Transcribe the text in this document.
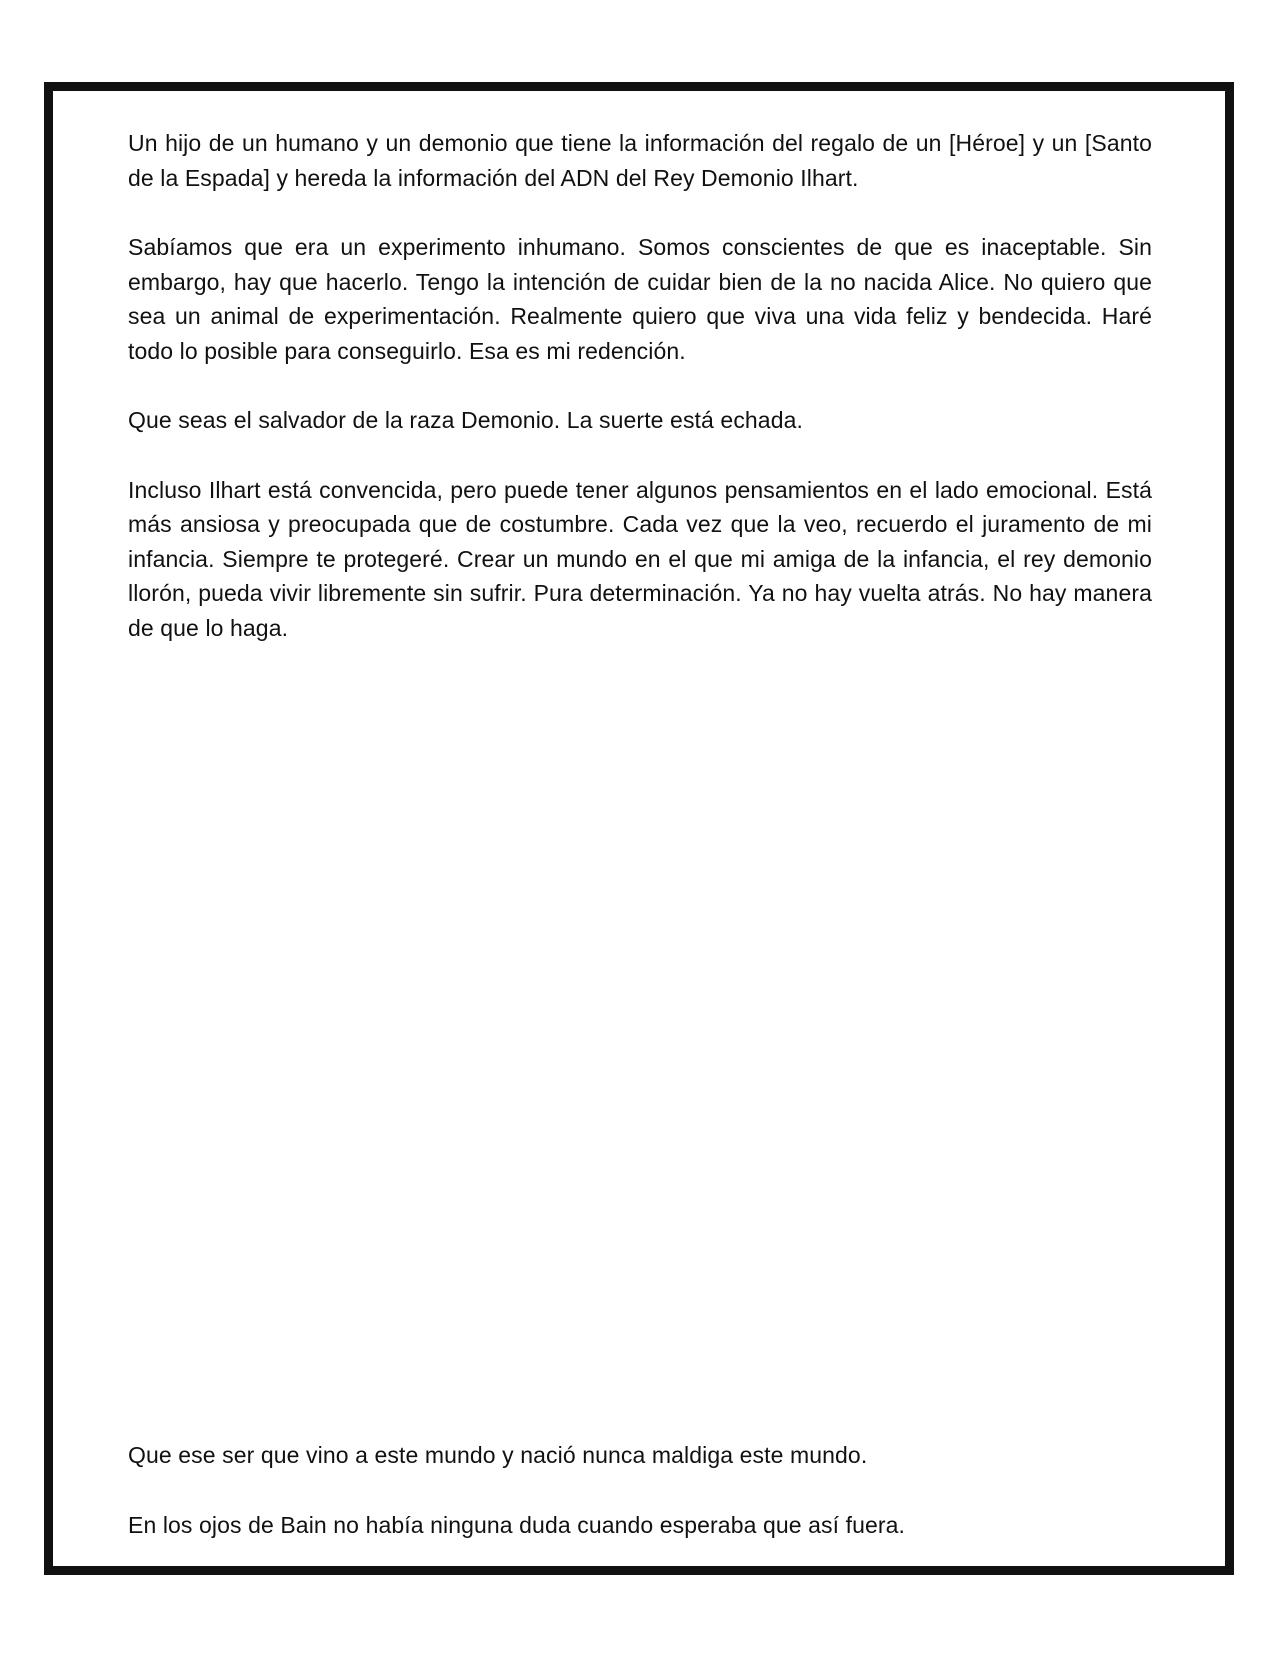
Un hijo de un humano y un demonio que tiene la información del regalo de un [Héroe] y un [Santo de la Espada] y hereda la información del ADN del Rey Demonio Ilhart.

Sabíamos que era un experimento inhumano. Somos conscientes de que es inaceptable. Sin embargo, hay que hacerlo. Tengo la intención de cuidar bien de la no nacida Alice. No quiero que sea un animal de experimentación. Realmente quiero que viva una vida feliz y bendecida. Haré todo lo posible para conseguirlo. Esa es mi redención.

Que seas el salvador de la raza Demonio. La suerte está echada.

Incluso Ilhart está convencida, pero puede tener algunos pensamientos en el lado emocional. Está más ansiosa y preocupada que de costumbre. Cada vez que la veo, recuerdo el juramento de mi infancia. Siempre te protegeré. Crear un mundo en el que mi amiga de la infancia, el rey demonio llorón, pueda vivir libremente sin sufrir. Pura determinación. Ya no hay vuelta atrás. No hay manera de que lo haga.

Que ese ser que vino a este mundo y nació nunca maldiga este mundo.

En los ojos de Bain no había ninguna duda cuando esperaba que así fuera.
